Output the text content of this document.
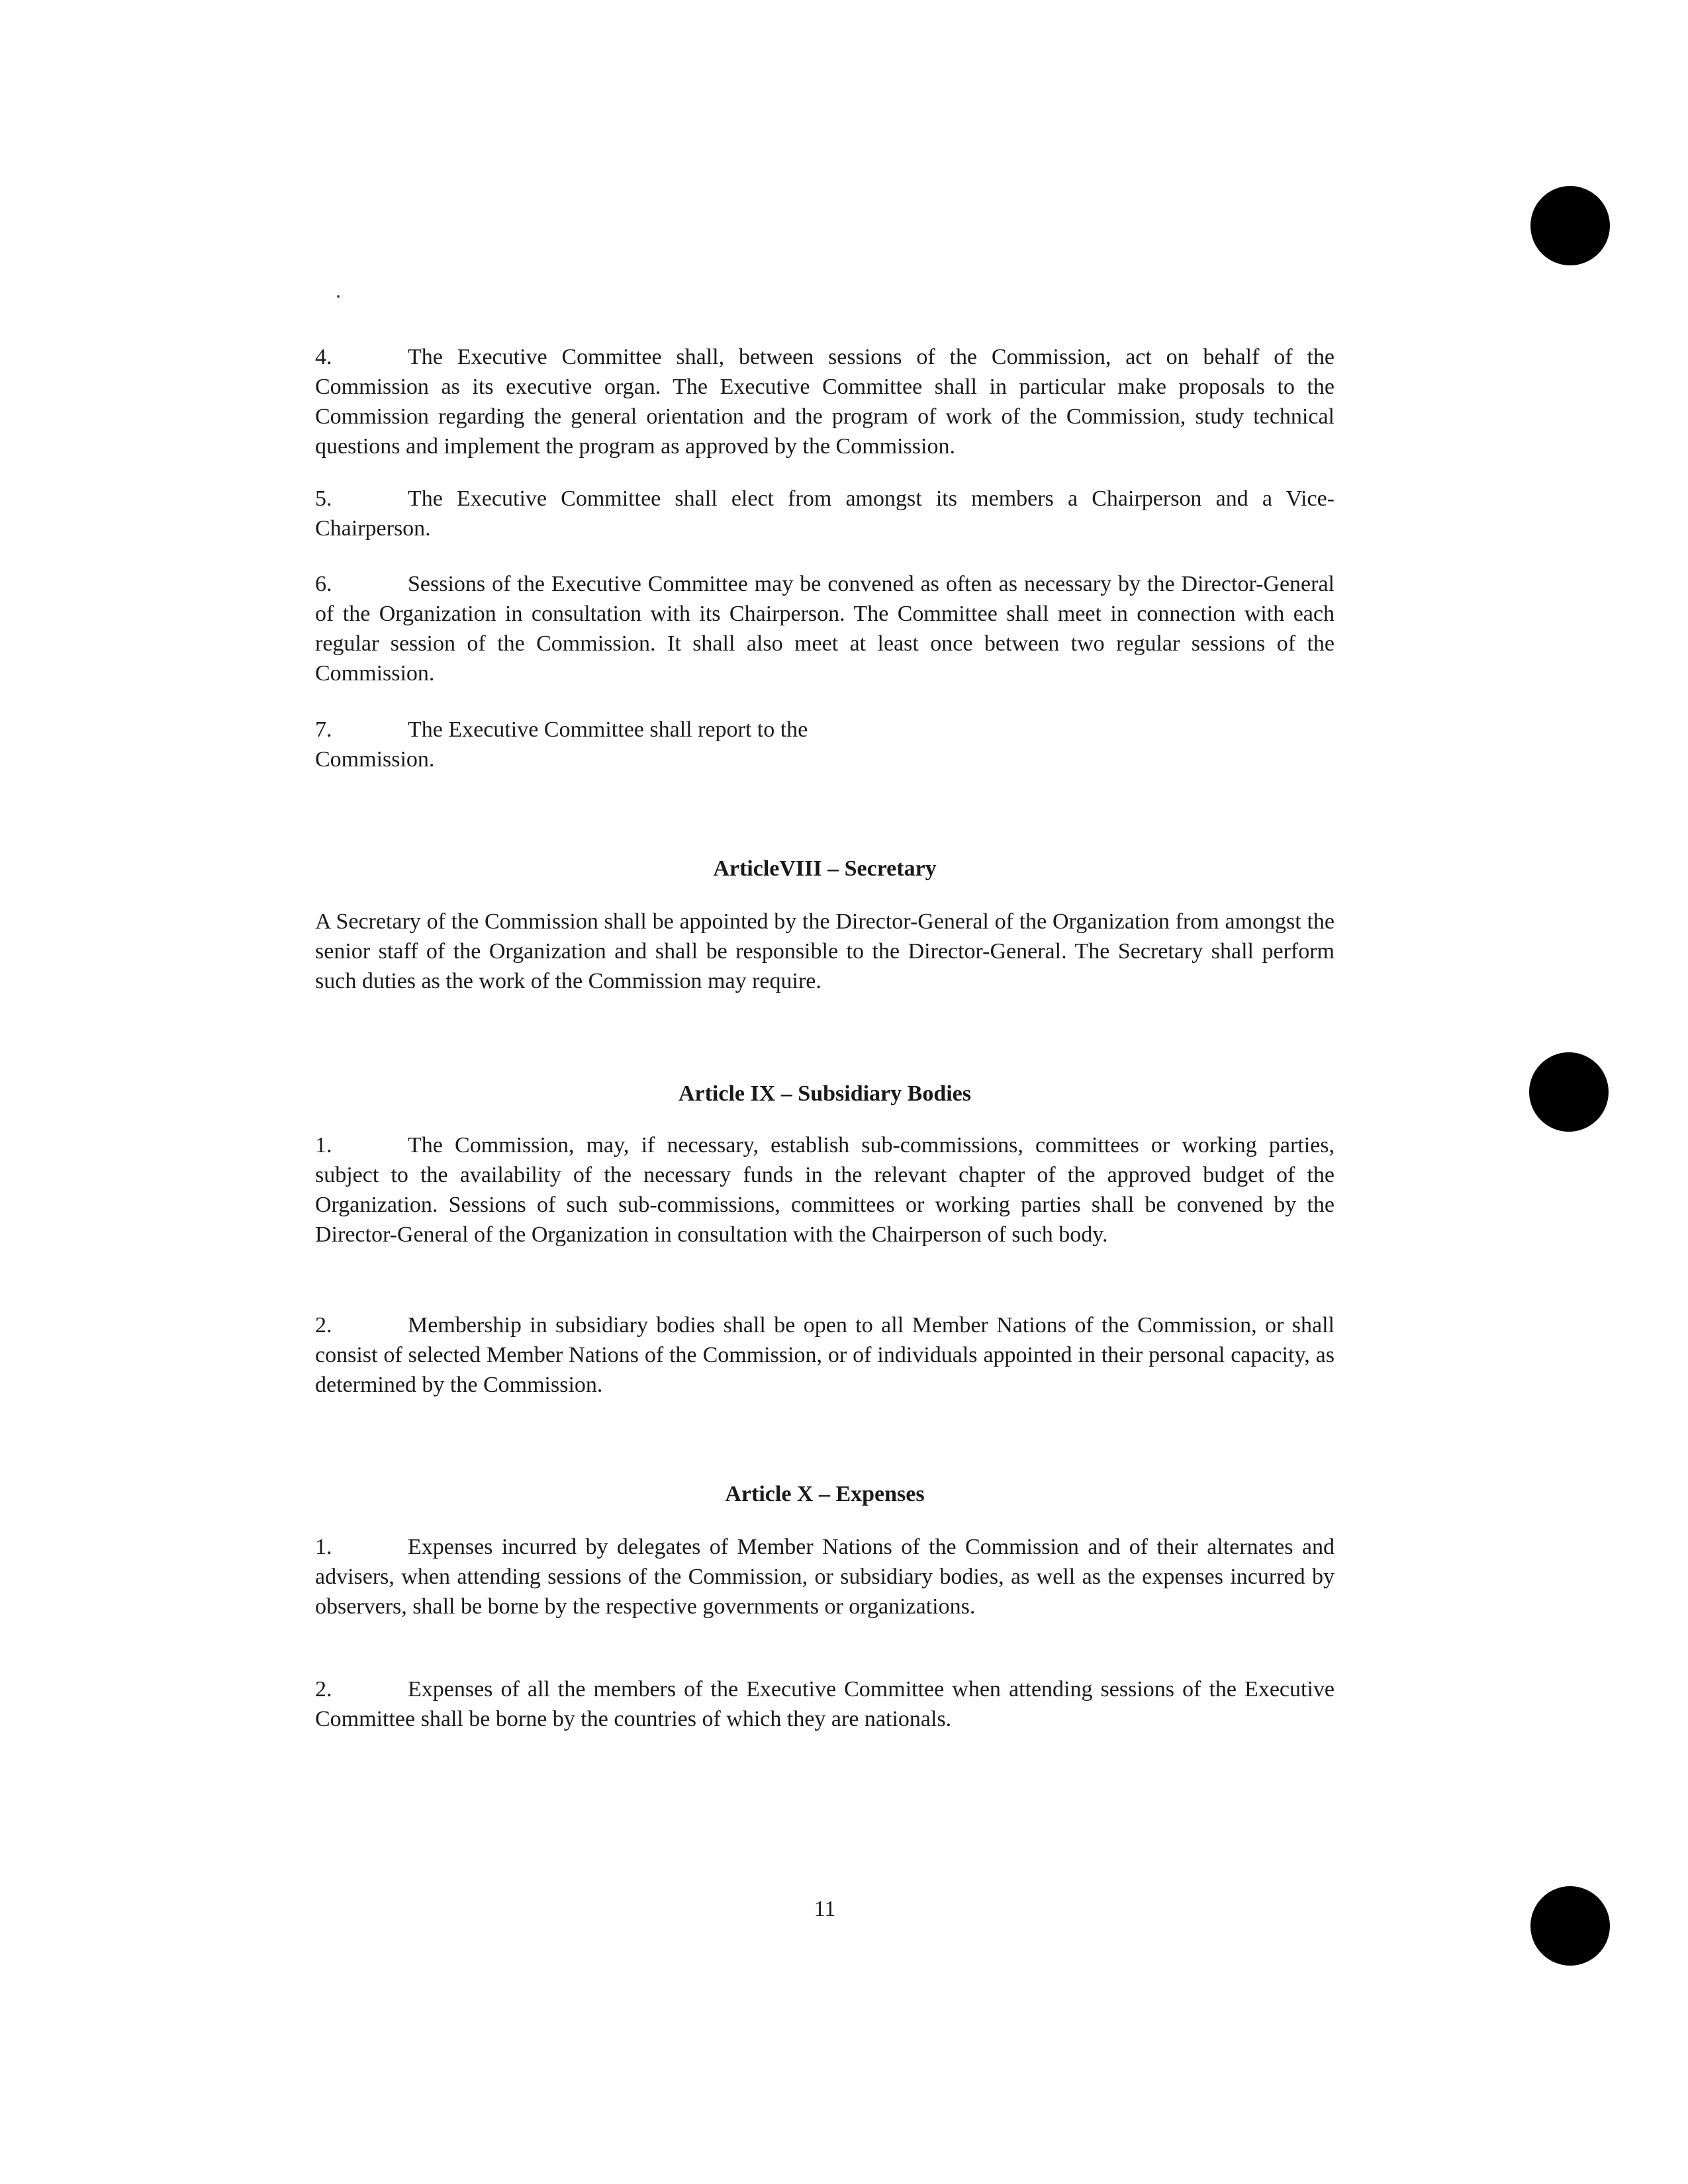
4.	The Executive Committee shall, between sessions of the Commission, act on behalf of the Commission as its executive organ. The Executive Committee shall in particular make proposals to the Commission regarding the general orientation and the program of work of the Commission, study technical questions and implement the program as approved by the Commission.

5.	The Executive Committee shall elect from amongst its members a Chairperson and a Vice-Chairperson.

6.	Sessions of the Executive Committee may be convened as often as necessary by the Director-General of the Organization in consultation with its Chairperson. The Committee shall meet in connection with each regular session of the Commission. It shall also meet at least once between two regular sessions of the Commission.

7.	The Executive Committee shall report to the Commission.

ArticleVIII – Secretary

A Secretary of the Commission shall be appointed by the Director-General of the Organization from amongst the senior staff of the Organization and shall be responsible to the Director-General. The Secretary shall perform such duties as the work of the Commission may require.

Article IX – Subsidiary Bodies

1.	The Commission, may, if necessary, establish sub-commissions, committees or working parties, subject to the availability of the necessary funds in the relevant chapter of the approved budget of the Organization. Sessions of such sub-commissions, committees or working parties shall be convened by the Director-General of the Organization in consultation with the Chairperson of such body.

2.	Membership in subsidiary bodies shall be open to all Member Nations of the Commission, or shall consist of selected Member Nations of the Commission, or of individuals appointed in their personal capacity, as determined by the Commission.

Article X – Expenses

1.	Expenses incurred by delegates of Member Nations of the Commission and of their alternates and advisers, when attending sessions of the Commission, or subsidiary bodies, as well as the expenses incurred by observers, shall be borne by the respective governments or organizations.

2.	Expenses of all the members of the Executive Committee when attending sessions of the Executive Committee shall be borne by the countries of which they are nationals.

11
